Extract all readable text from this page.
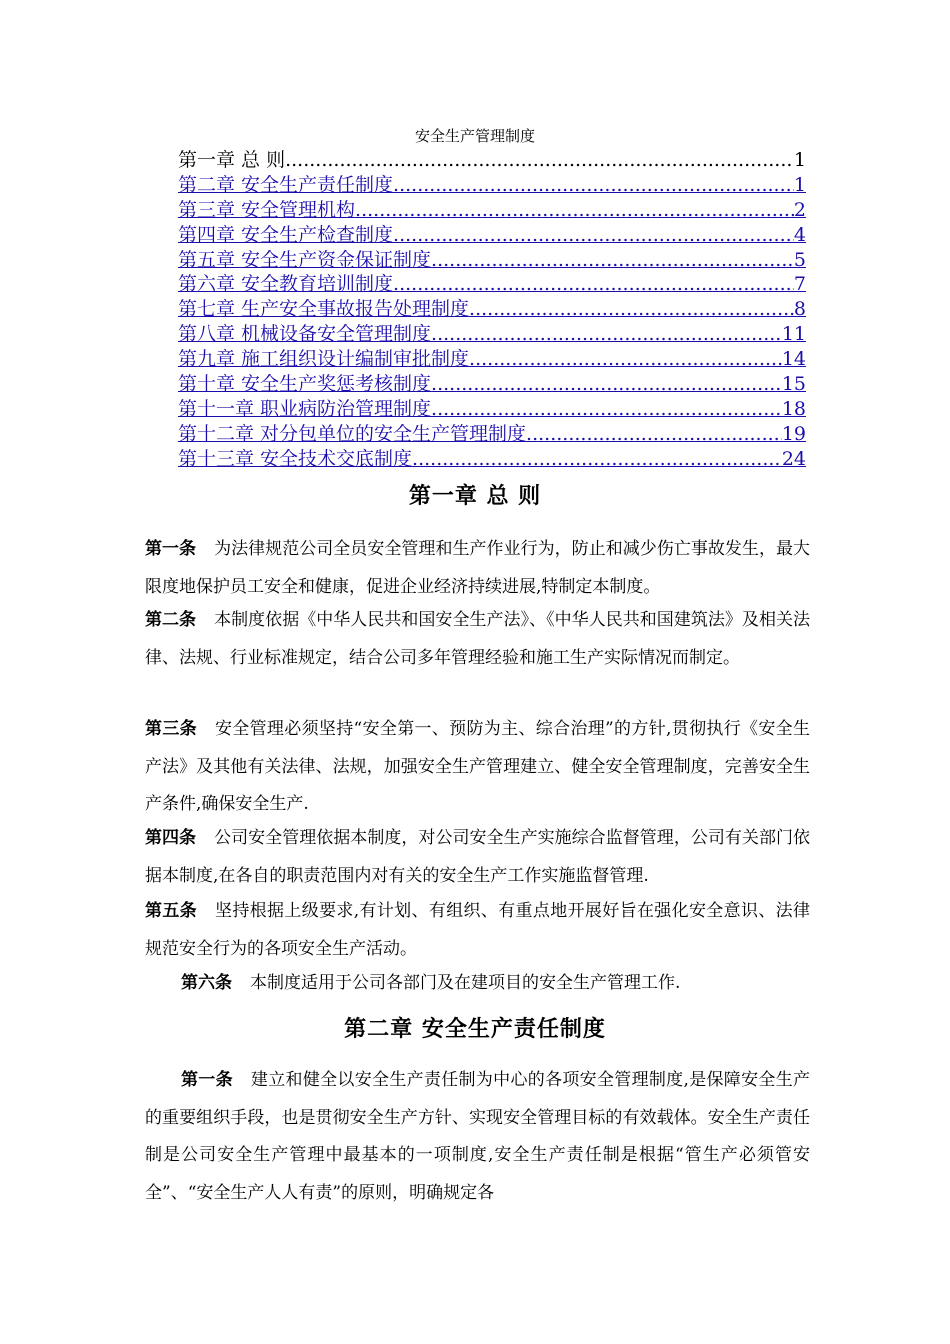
安全生产管理制度
第一章 总 则 .....	1
第二章 安全生产责任制度 .....	1
第三章 安全管理机构 .....	2
第四章 安全生产检查制度 .....	4
第五章 安全生产资金保证制度 .....	5
第六章 安全教育培训制度 .....	7
第七章 生产安全事故报告处理制度 .....	8
第八章 机械设备安全管理制度 .....	11
第九章 施工组织设计编制审批制度 .....	14
第十章 安全生产奖惩考核制度 .....	15
第十一章 职业病防治管理制度 .....	18
第十二章 对分包单位的安全生产管理制度 .....	19
第十三章 安全技术交底制度 .....	24
第一章 总 则
第一条 为法律规范公司全员安全管理和生产作业行为，防止和减少伤亡事故发生，最大限度地保护员工安全和健康，促进企业经济持续进展,特制定本制度。
第二条 本制度依据《中华人民共和国安全生产法》、《中华人民共和国建筑法》及相关法律、法规、行业标准规定，结合公司多年管理经验和施工生产实际情况而制定。
第三条 安全管理必须坚持“安全第一、预防为主、综合治理”的方针,贯彻执行《安全生产法》及其他有关法律、法规，加强安全生产管理建立、健全安全管理制度，完善安全生产条件,确保安全生产.
第四条 公司安全管理依据本制度，对公司安全生产实施综合监督管理，公司有关部门依据本制度,在各自的职责范围内对有关的安全生产工作实施监督管理.
第五条 坚持根据上级要求,有计划、有组织、有重点地开展好旨在强化安全意识、法律规范安全行为的各项安全生产活动。
第六条 本制度适用于公司各部门及在建项目的安全生产管理工作.
第二章 安全生产责任制度
第一条 建立和健全以安全生产责任制为中心的各项安全管理制度,是保障安全生产的重要组织手段，也是贯彻安全生产方针、实现安全管理目标的有效载体。安全生产责任制是公司安全生产管理中最基本的一项制度,安全生产责任制是根据“管生产必须管安全”、“安全生产人人有责”的原则，明确规定各
